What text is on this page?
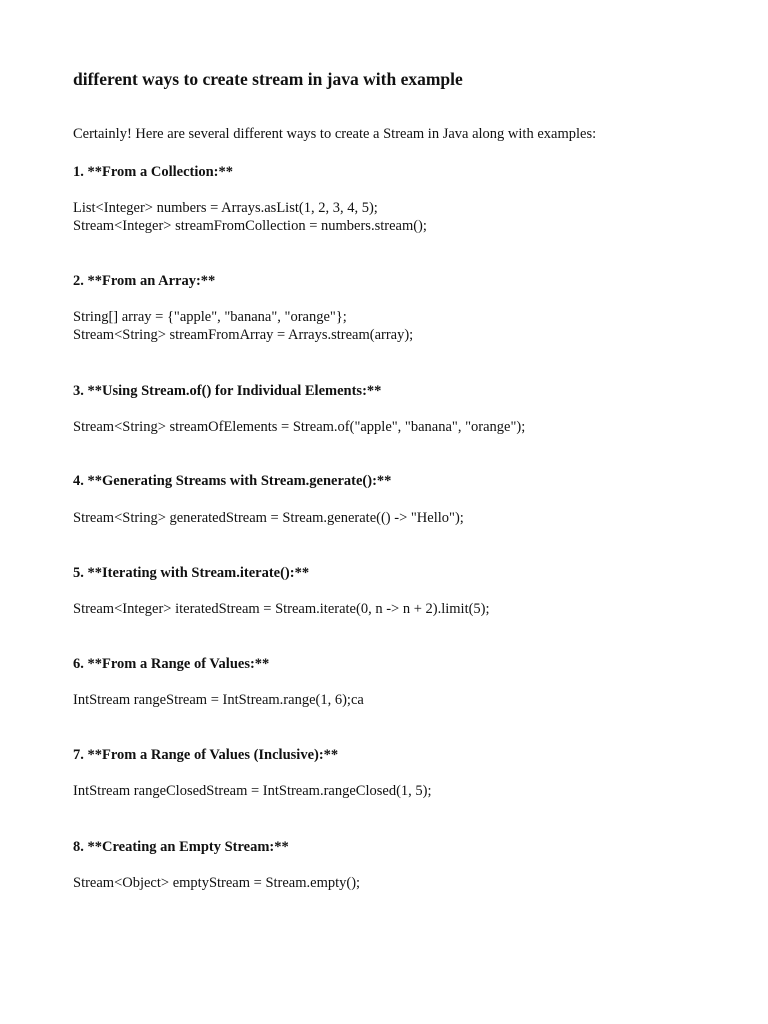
different ways to create stream in java with example

Certainly! Here are several different ways to create a Stream in Java along with examples:

1. **From a Collection:**

List<Integer> numbers = Arrays.asList(1, 2, 3, 4, 5);
Stream<Integer> streamFromCollection = numbers.stream();

2. **From an Array:**

String[] array = {"apple", "banana", "orange"};
Stream<String> streamFromArray = Arrays.stream(array);

3. **Using Stream.of() for Individual Elements:**

Stream<String> streamOfElements = Stream.of("apple", "banana", "orange");

4. **Generating Streams with Stream.generate():**

Stream<String> generatedStream = Stream.generate(() -> "Hello");

5. **Iterating with Stream.iterate():**

Stream<Integer> iteratedStream = Stream.iterate(0, n -> n + 2).limit(5);

6. **From a Range of Values:**

IntStream rangeStream = IntStream.range(1, 6);ca

7. **From a Range of Values (Inclusive):**

IntStream rangeClosedStream = IntStream.rangeClosed(1, 5);

8. **Creating an Empty Stream:**

Stream<Object> emptyStream = Stream.empty();
